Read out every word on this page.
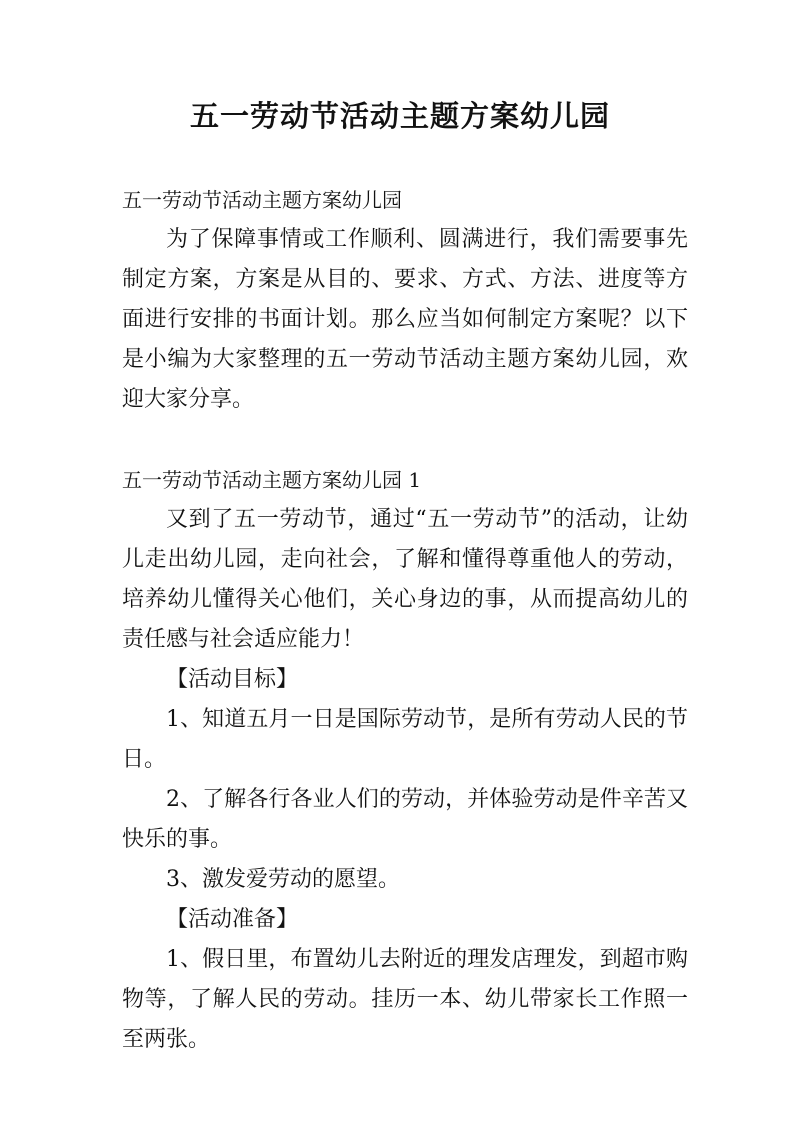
五一劳动节活动主题方案幼儿园

五一劳动节活动主题方案幼儿园

为了保障事情或工作顺利、圆满进行，我们需要事先制定方案，方案是从目的、要求、方式、方法、进度等方面进行安排的书面计划。那么应当如何制定方案呢？以下是小编为大家整理的五一劳动节活动主题方案幼儿园，欢迎大家分享。

五一劳动节活动主题方案幼儿园 1

又到了五一劳动节，通过“五一劳动节”的活动，让幼儿走出幼儿园，走向社会，了解和懂得尊重他人的劳动，培养幼儿懂得关心他们，关心身边的事，从而提高幼儿的责任感与社会适应能力！

【活动目标】

1、知道五月一日是国际劳动节，是所有劳动人民的节日。

2、了解各行各业人们的劳动，并体验劳动是件辛苦又快乐的事。

3、激发爱劳动的愿望。

【活动准备】

1、假日里，布置幼儿去附近的理发店理发，到超市购物等，了解人民的劳动。挂历一本、幼儿带家长工作照一至两张。
